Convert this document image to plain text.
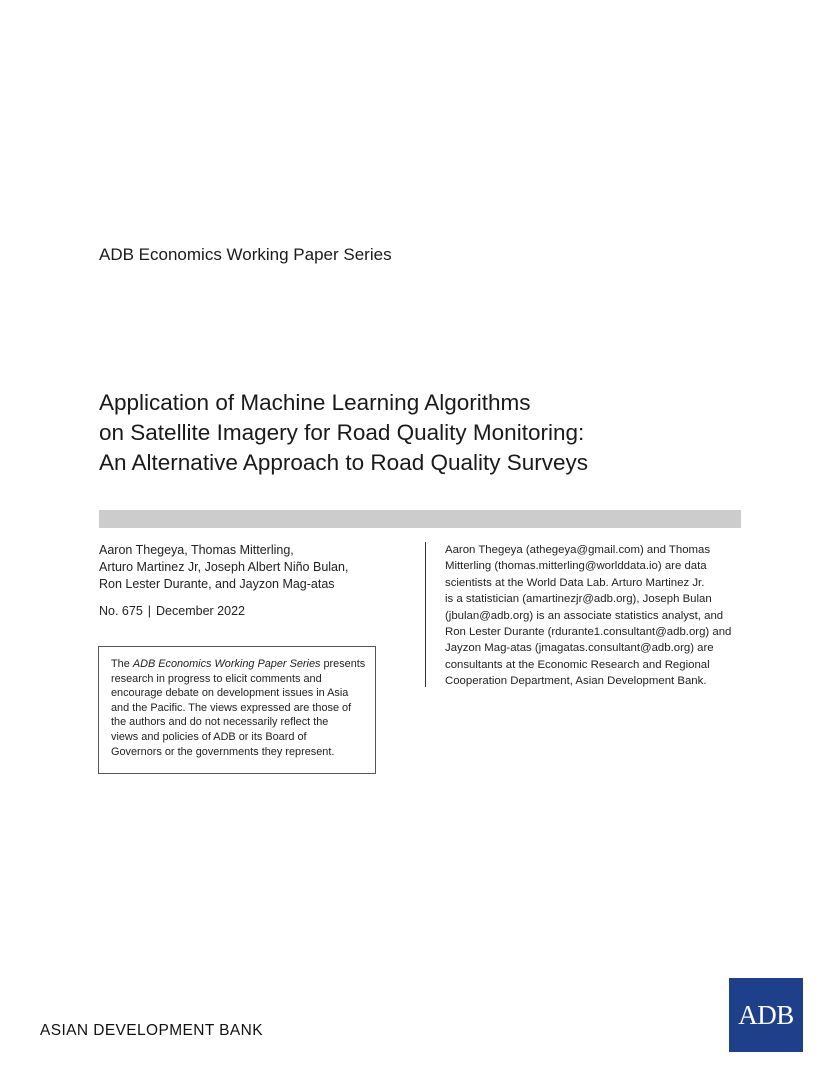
ADB Economics Working Paper Series
Application of Machine Learning Algorithms
on Satellite Imagery for Road Quality Monitoring:
An Alternative Approach to Road Quality Surveys
Aaron Thegeya, Thomas Mitterling,
Arturo Martinez Jr, Joseph Albert Niño Bulan,
Ron Lester Durante, and Jayzon Mag-atas
No. 675 | December 2022
The ADB Economics Working Paper Series presents
research in progress to elicit comments and
encourage debate on development issues in Asia
and the Pacific. The views expressed are those of
the authors and do not necessarily reflect the
views and policies of ADB or its Board of
Governors or the governments they represent.
Aaron Thegeya (athegeya@gmail.com) and Thomas
Mitterling (thomas.mitterling@worlddata.io) are data
scientists at the World Data Lab. Arturo Martinez Jr.
is a statistician (amartinezjr@adb.org), Joseph Bulan
(jbulan@adb.org) is an associate statistics analyst, and
Ron Lester Durante (rdurante1.consultant@adb.org) and
Jayzon Mag-atas (jmagatas.consultant@adb.org) are
consultants at the Economic Research and Regional
Cooperation Department, Asian Development Bank.
ASIAN DEVELOPMENT BANK
ADB
